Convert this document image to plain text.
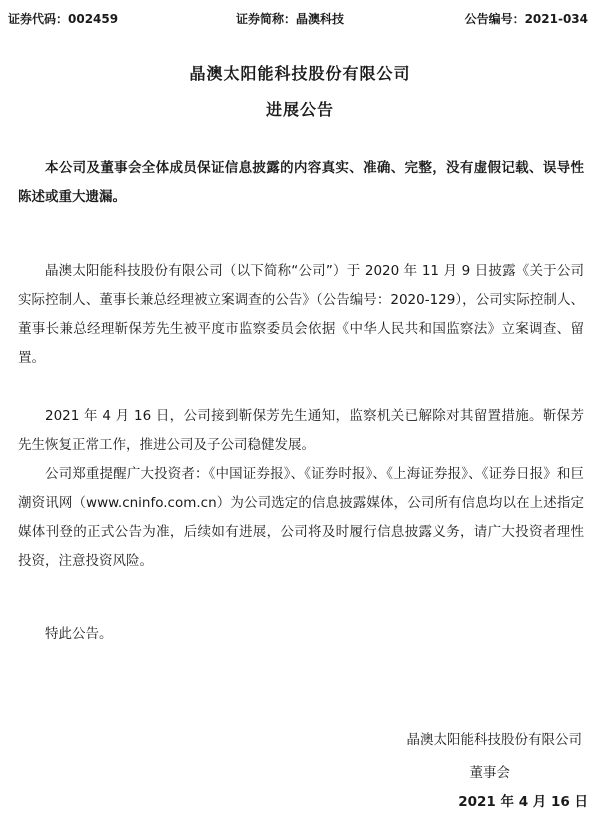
证券代码：002459	证券简称：晶澳科技	公告编号：2021-034
晶澳太阳能科技股份有限公司
进展公告
本公司及董事会全体成员保证信息披露的内容真实、准确、完整，没有虚假记载、误导性陈述或重大遗漏。
晶澳太阳能科技股份有限公司（以下简称“公司”）于 2020 年 11 月 9 日披露《关于公司实际控制人、董事长兼总经理被立案调查的公告》（公告编号：2020-129），公司实际控制人、董事长兼总经理靳保芳先生被平度市监察委员会依据《中华人民共和国监察法》立案调查、留置。
2021 年 4 月 16 日，公司接到靳保芳先生通知，监察机关已解除对其留置措施。靳保芳先生恢复正常工作，推进公司及子公司稳健发展。
公司郑重提醒广大投资者：《中国证券报》、《证券时报》、《上海证券报》、《证券日报》和巨潮资讯网（www.cninfo.com.cn）为公司选定的信息披露媒体，公司所有信息均以在上述指定媒体刊登的正式公告为准，后续如有进展，公司将及时履行信息披露义务，请广大投资者理性投资，注意投资风险。
特此公告。
晶澳太阳能科技股份有限公司
董事会
2021 年 4 月 16 日
